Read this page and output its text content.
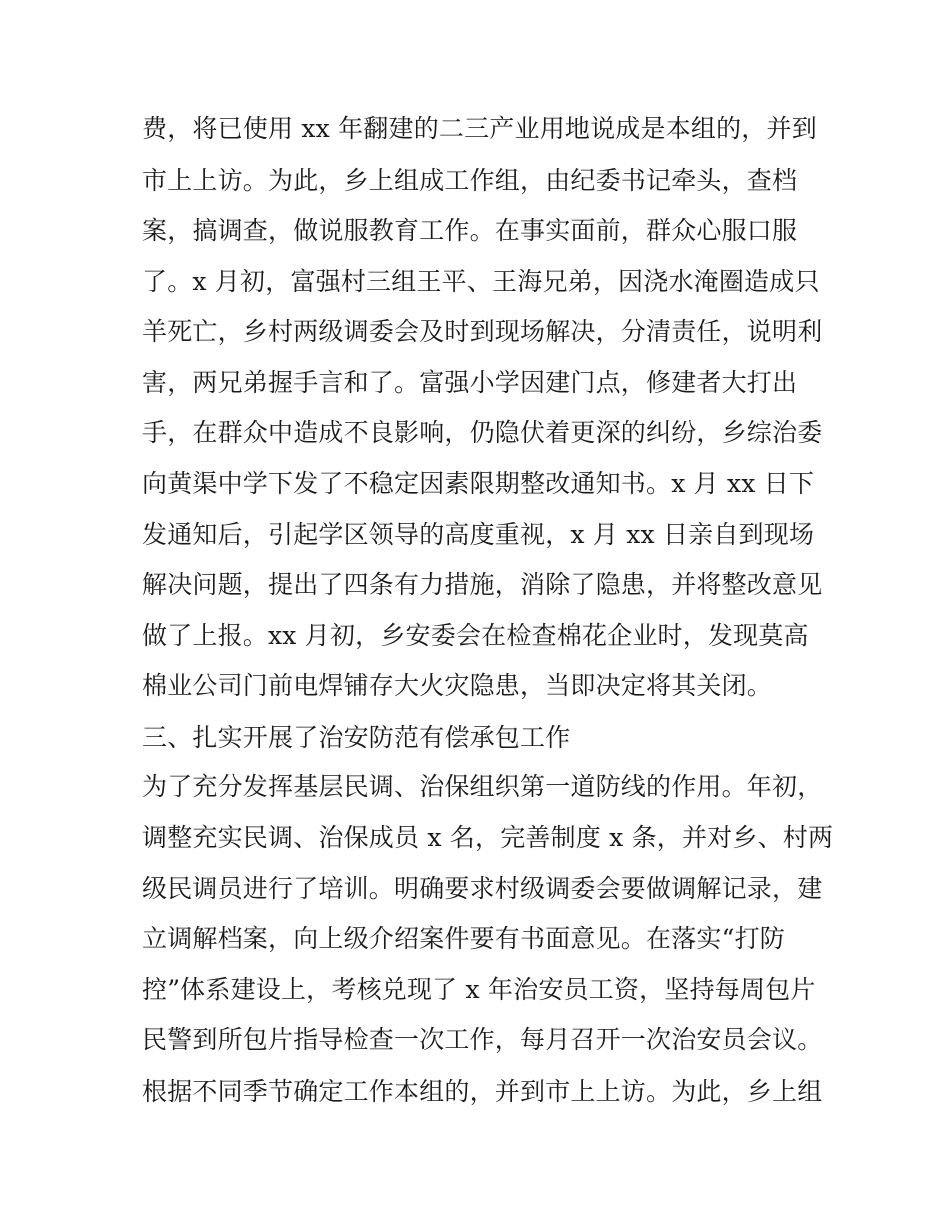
费，将已使用 xx 年翻建的二三产业用地说成是本组的，并到
市上上访。为此，乡上组成工作组，由纪委书记牵头，查档
案，搞调查，做说服教育工作。在事实面前，群众心服口服
了。x 月初，富强村三组王平、王海兄弟，因浇水淹圈造成只
羊死亡，乡村两级调委会及时到现场解决，分清责任，说明利
害，两兄弟握手言和了。富强小学因建门点，修建者大打出
手，在群众中造成不良影响，仍隐伏着更深的纠纷，乡综治委
向黄渠中学下发了不稳定因素限期整改通知书。x 月 xx 日下
发通知后，引起学区领导的高度重视，x 月 xx 日亲自到现场
解决问题，提出了四条有力措施，消除了隐患，并将整改意见
做了上报。xx 月初，乡安委会在检查棉花企业时，发现莫高
棉业公司门前电焊铺存大火灾隐患，当即决定将其关闭。
三、扎实开展了治安防范有偿承包工作
为了充分发挥基层民调、治保组织第一道防线的作用。年初，
调整充实民调、治保成员 x 名，完善制度 x 条，并对乡、村两
级民调员进行了培训。明确要求村级调委会要做调解记录，建
立调解档案，向上级介绍案件要有书面意见。在落实“打防
控”体系建设上，考核兑现了 x 年治安员工资，坚持每周包片
民警到所包片指导检查一次工作，每月召开一次治安员会议。
根据不同季节确定工作本组的，并到市上上访。为此，乡上组
